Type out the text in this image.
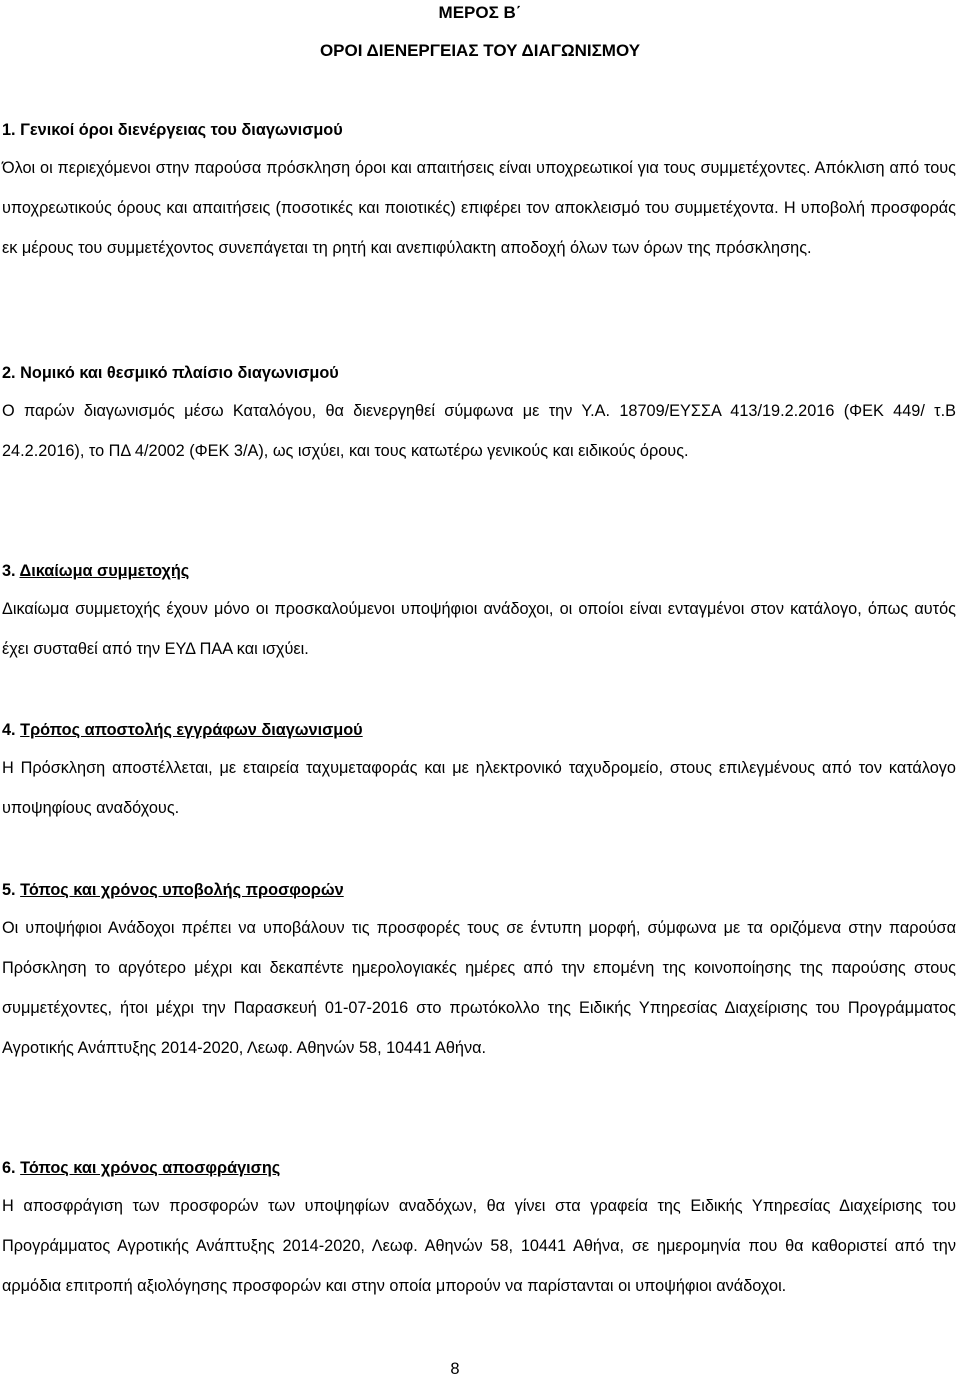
ΜΕΡΟΣ Β΄
ΟΡΟΙ ΔΙΕΝΕΡΓΕΙΑΣ ΤΟΥ ΔΙΑΓΩΝΙΣΜΟΥ
1. Γενικοί όροι διενέργειας του διαγωνισμού

Όλοι οι περιεχόμενοι στην παρούσα πρόσκληση όροι και απαιτήσεις είναι υποχρεωτικοί για τους συμμετέχοντες. Απόκλιση από τους υποχρεωτικούς όρους και απαιτήσεις (ποσοτικές και ποιοτικές) επιφέρει τον αποκλεισμό του συμμετέχοντα. Η υποβολή προσφοράς εκ μέρους του συμμετέχοντος συνεπάγεται τη ρητή και ανεπιφύλακτη αποδοχή όλων των όρων της πρόσκλησης.

2. Νομικό και θεσμικό πλαίσιο διαγωνισμού

Ο παρών διαγωνισμός μέσω Καταλόγου, θα διενεργηθεί σύμφωνα με την Υ.Α. 18709/ΕΥΣΣΑ 413/19.2.2016 (ΦΕΚ 449/ τ.Β 24.2.2016), το ΠΔ 4/2002 (ΦΕΚ 3/Α), ως ισχύει, και τους κατωτέρω γενικούς και ειδικούς όρους.

3. Δικαίωμα συμμετοχής

Δικαίωμα συμμετοχής έχουν μόνο οι προσκαλούμενοι υποψήφιοι ανάδοχοι, οι οποίοι είναι ενταγμένοι στον κατάλογο, όπως αυτός έχει συσταθεί από την ΕΥΔ ΠΑΑ και ισχύει.

4. Τρόπος αποστολής εγγράφων διαγωνισμού

Η Πρόσκληση αποστέλλεται, με εταιρεία ταχυμεταφοράς και με ηλεκτρονικό ταχυδρομείο, στους επιλεγμένους από τον κατάλογο υποψηφίους αναδόχους.

5. Τόπος και χρόνος υποβολής προσφορών

Οι υποψήφιοι Ανάδοχοι πρέπει να υποβάλουν τις προσφορές τους σε έντυπη μορφή, σύμφωνα με τα οριζόμενα στην παρούσα Πρόσκληση το αργότερο μέχρι και δεκαπέντε ημερολογιακές ημέρες από την επομένη της κοινοποίησης της παρούσης στους συμμετέχοντες, ήτοι μέχρι την Παρασκευή 01-07-2016 στο πρωτόκολλο της Ειδικής Υπηρεσίας Διαχείρισης του Προγράμματος Αγροτικής Ανάπτυξης 2014-2020, Λεωφ. Αθηνών 58, 10441 Αθήνα.

6. Τόπος και χρόνος αποσφράγισης

Η αποσφράγιση των προσφορών των υποψηφίων αναδόχων, θα γίνει στα γραφεία της Ειδικής Υπηρεσίας Διαχείρισης του Προγράμματος Αγροτικής Ανάπτυξης 2014-2020, Λεωφ. Αθηνών 58, 10441 Αθήνα, σε ημερομηνία που θα καθοριστεί από την αρμόδια επιτροπή αξιολόγησης προσφορών και στην οποία μπορούν να παρίστανται οι υποψήφιοι ανάδοχοι.

8
